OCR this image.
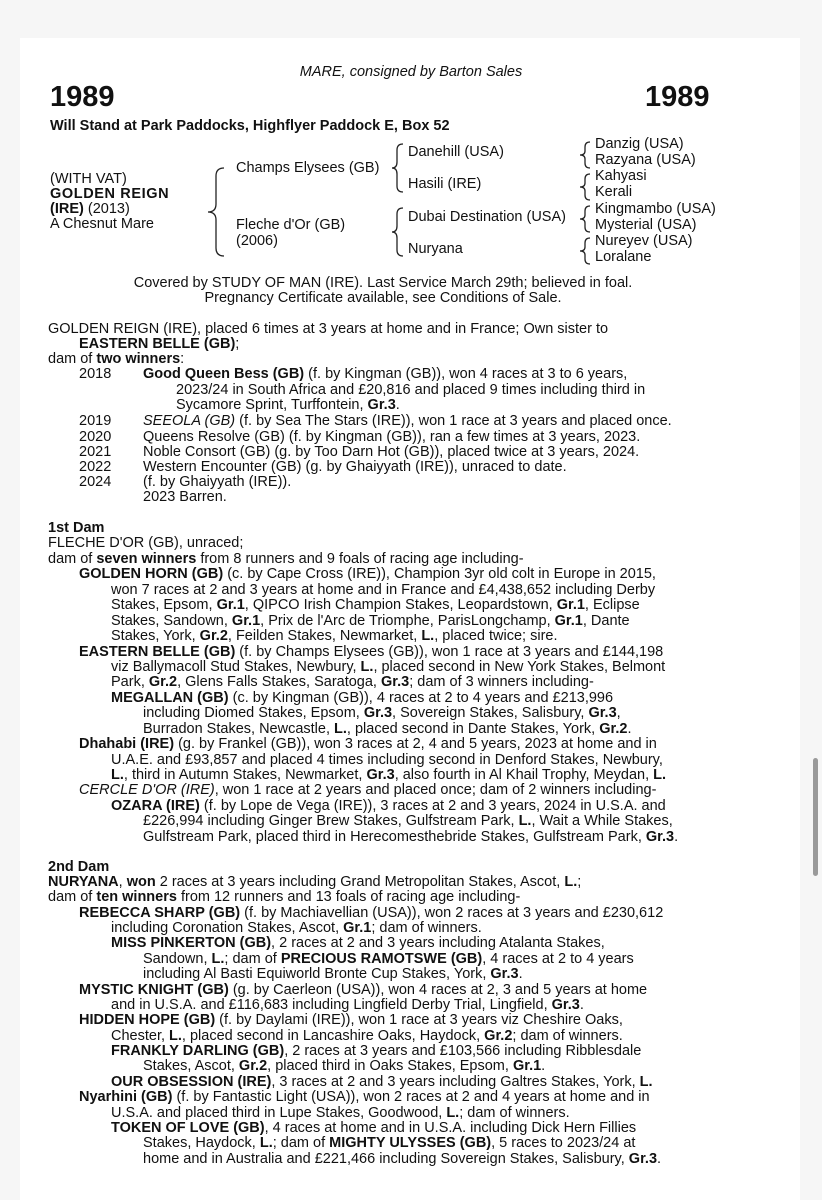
MARE, consigned by Barton Sales
1989	1989
Will Stand at Park Paddocks, Highflyer Paddock E, Box 52
(WITH VAT)
GOLDEN REIGN
(IRE) (2013)
A Chesnut Mare
Champs Elysees (GB)
Fleche d'Or (GB)
(2006)
Danehill (USA)
Hasili (IRE)
Dubai Destination (USA)
Nuryana
Danzig (USA)
Razyana (USA)
Kahyasi
Kerali
Kingmambo (USA)
Mysterial (USA)
Nureyev (USA)
Loralane
Covered by STUDY OF MAN (IRE). Last Service March 29th; believed in foal.
Pregnancy Certificate available, see Conditions of Sale.
GOLDEN REIGN (IRE), placed 6 times at 3 years at home and in France; Own sister to
EASTERN BELLE (GB);
dam of two winners:
2018 Good Queen Bess (GB) (f. by Kingman (GB)), won 4 races at 3 to 6 years,
2023/24 in South Africa and £20,816 and placed 9 times including third in
Sycamore Sprint, Turffontein, Gr.3.
2019 SEEOLA (GB) (f. by Sea The Stars (IRE)), won 1 race at 3 years and placed once.
2020 Queens Resolve (GB) (f. by Kingman (GB)), ran a few times at 3 years, 2023.
2021 Noble Consort (GB) (g. by Too Darn Hot (GB)), placed twice at 3 years, 2024.
2022 Western Encounter (GB) (g. by Ghaiyyath (IRE)), unraced to date.
2024 (f. by Ghaiyyath (IRE)).
2023 Barren.
1st Dam
FLECHE D'OR (GB), unraced;
dam of seven winners from 8 runners and 9 foals of racing age including-
GOLDEN HORN (GB) (c. by Cape Cross (IRE)), Champion 3yr old colt in Europe in 2015,
won 7 races at 2 and 3 years at home and in France and £4,438,652 including Derby
Stakes, Epsom, Gr.1, QIPCO Irish Champion Stakes, Leopardstown, Gr.1, Eclipse
Stakes, Sandown, Gr.1, Prix de l'Arc de Triomphe, ParisLongchamp, Gr.1, Dante
Stakes, York, Gr.2, Feilden Stakes, Newmarket, L., placed twice; sire.
EASTERN BELLE (GB) (f. by Champs Elysees (GB)), won 1 race at 3 years and £144,198
viz Ballymacoll Stud Stakes, Newbury, L., placed second in New York Stakes, Belmont
Park, Gr.2, Glens Falls Stakes, Saratoga, Gr.3; dam of 3 winners including-
MEGALLAN (GB) (c. by Kingman (GB)), 4 races at 2 to 4 years and £213,996
including Diomed Stakes, Epsom, Gr.3, Sovereign Stakes, Salisbury, Gr.3,
Burradon Stakes, Newcastle, L., placed second in Dante Stakes, York, Gr.2.
Dhahabi (IRE) (g. by Frankel (GB)), won 3 races at 2, 4 and 5 years, 2023 at home and in
U.A.E. and £93,857 and placed 4 times including second in Denford Stakes, Newbury,
L., third in Autumn Stakes, Newmarket, Gr.3, also fourth in Al Khail Trophy, Meydan, L.
CERCLE D'OR (IRE), won 1 race at 2 years and placed once; dam of 2 winners including-
OZARA (IRE) (f. by Lope de Vega (IRE)), 3 races at 2 and 3 years, 2024 in U.S.A. and
£226,994 including Ginger Brew Stakes, Gulfstream Park, L., Wait a While Stakes,
Gulfstream Park, placed third in Herecomesthebride Stakes, Gulfstream Park, Gr.3.
2nd Dam
NURYANA, won 2 races at 3 years including Grand Metropolitan Stakes, Ascot, L.;
dam of ten winners from 12 runners and 13 foals of racing age including-
REBECCA SHARP (GB) (f. by Machiavellian (USA)), won 2 races at 3 years and £230,612
including Coronation Stakes, Ascot, Gr.1; dam of winners.
MISS PINKERTON (GB), 2 races at 2 and 3 years including Atalanta Stakes,
Sandown, L.; dam of PRECIOUS RAMOTSWE (GB), 4 races at 2 to 4 years
including Al Basti Equiworld Bronte Cup Stakes, York, Gr.3.
MYSTIC KNIGHT (GB) (g. by Caerleon (USA)), won 4 races at 2, 3 and 5 years at home
and in U.S.A. and £116,683 including Lingfield Derby Trial, Lingfield, Gr.3.
HIDDEN HOPE (GB) (f. by Daylami (IRE)), won 1 race at 3 years viz Cheshire Oaks,
Chester, L., placed second in Lancashire Oaks, Haydock, Gr.2; dam of winners.
FRANKLY DARLING (GB), 2 races at 3 years and £103,566 including Ribblesdale
Stakes, Ascot, Gr.2, placed third in Oaks Stakes, Epsom, Gr.1.
OUR OBSESSION (IRE), 3 races at 2 and 3 years including Galtres Stakes, York, L.
Nyarhini (GB) (f. by Fantastic Light (USA)), won 2 races at 2 and 4 years at home and in
U.S.A. and placed third in Lupe Stakes, Goodwood, L.; dam of winners.
TOKEN OF LOVE (GB), 4 races at home and in U.S.A. including Dick Hern Fillies
Stakes, Haydock, L.; dam of MIGHTY ULYSSES (GB), 5 races to 2023/24 at
home and in Australia and £221,466 including Sovereign Stakes, Salisbury, Gr.3.
